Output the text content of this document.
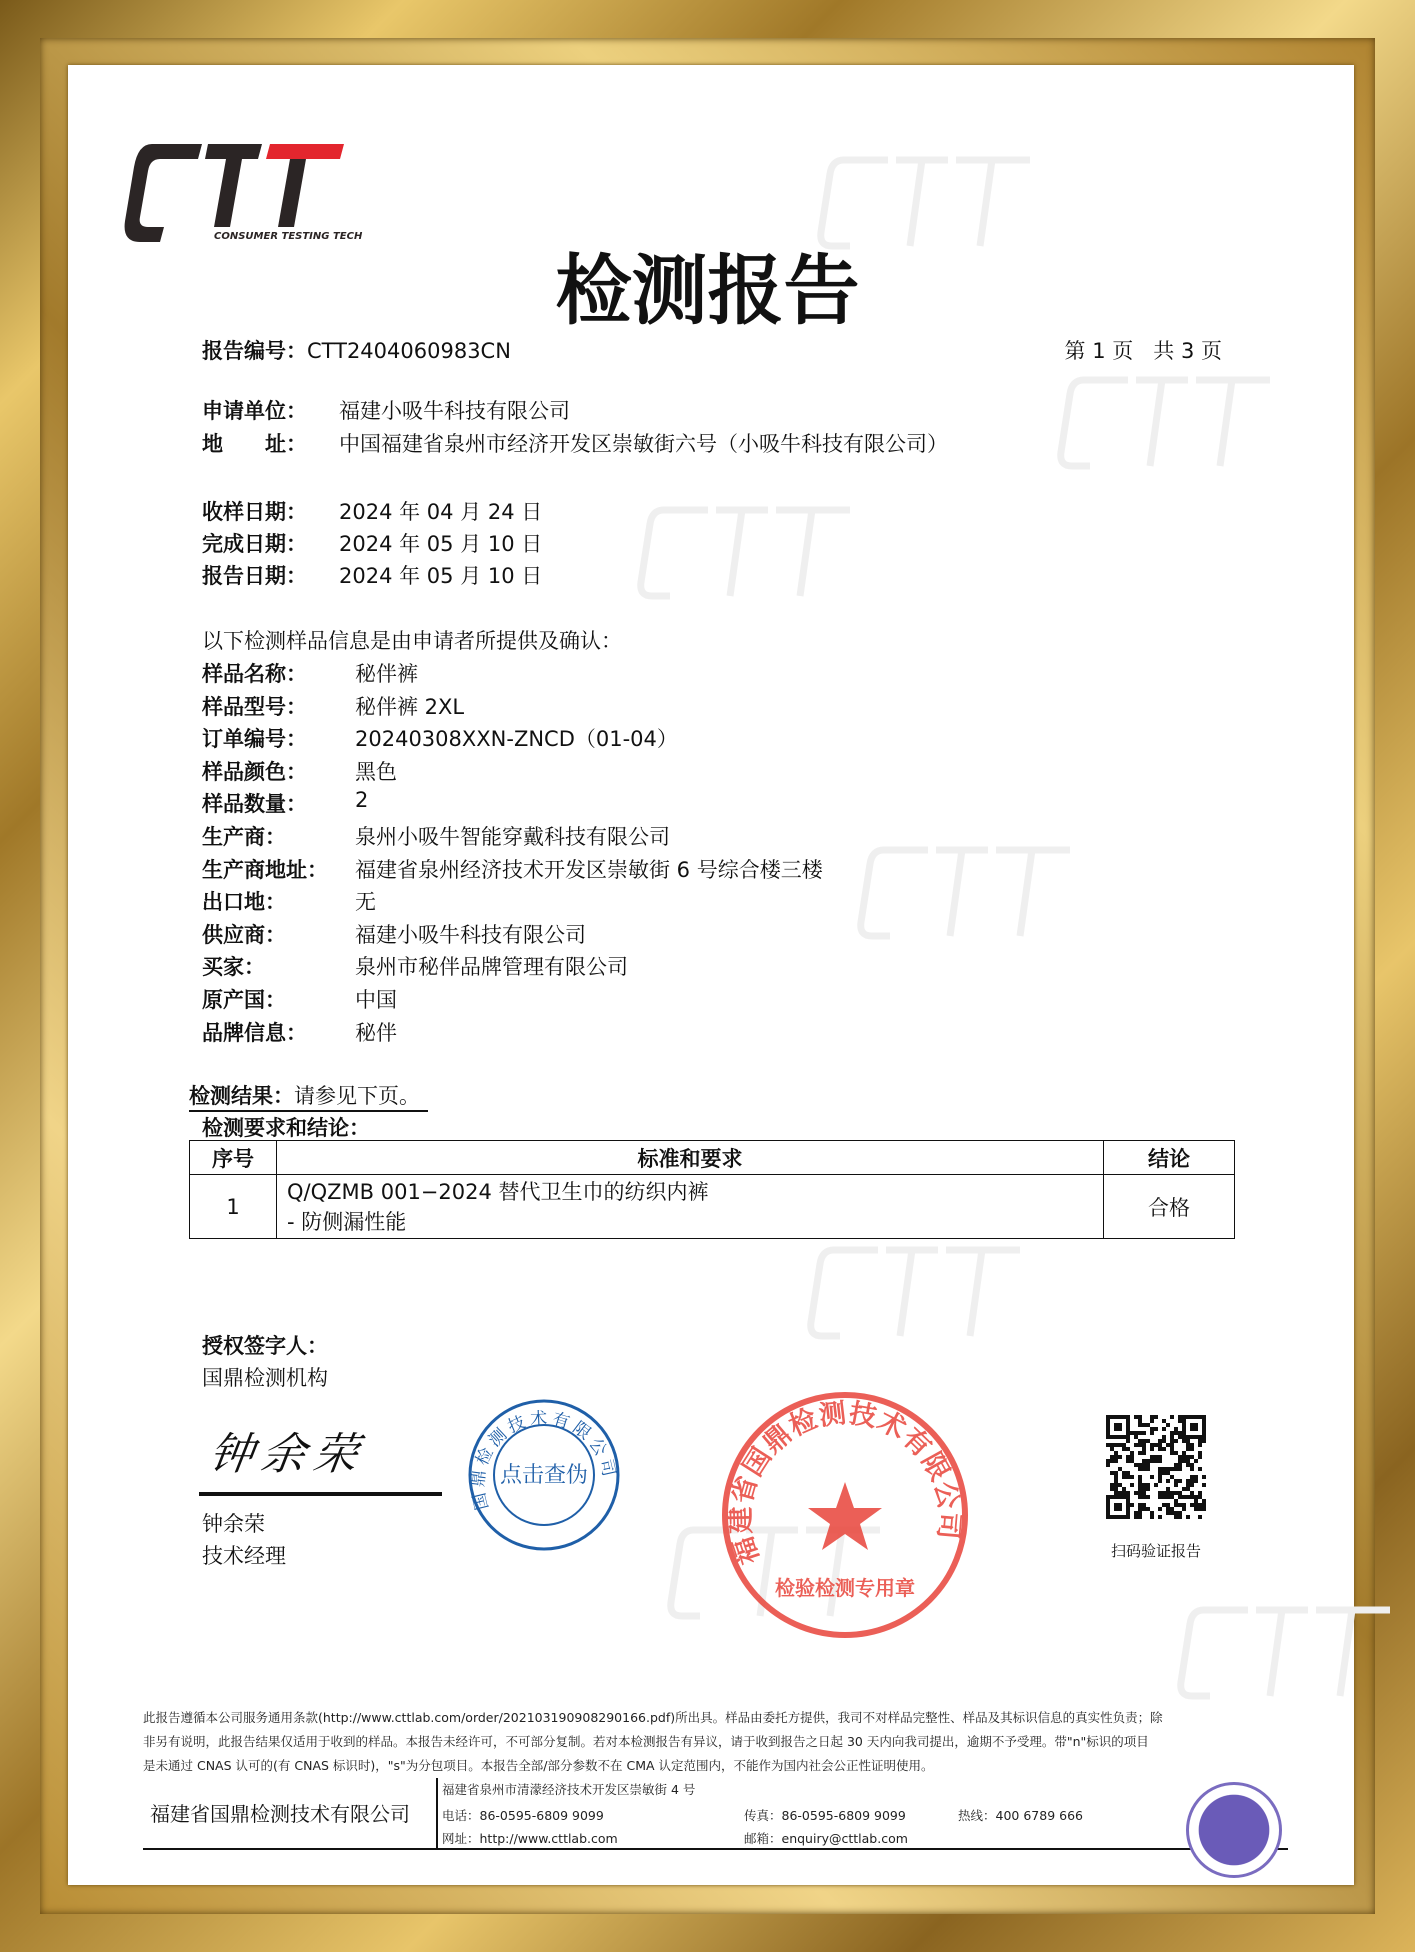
CONSUMER TESTING TECH
检测报告
报告编号：CTT2404060983CN	第 1 页   共 3 页
申请单位： 福建小吸牛科技有限公司
地　　址： 中国福建省泉州市经济开发区崇敏街六号（小吸牛科技有限公司）
收样日期： 2024 年 04 月 24 日
完成日期： 2024 年 05 月 10 日
报告日期： 2024 年 05 月 10 日
以下检测样品信息是由申请者所提供及确认：
样品名称： 秘伴裤
样品型号： 秘伴裤 2XL
订单编号： 20240308XXN-ZNCD（01-04）
样品颜色： 黑色
样品数量： 2
生产商：	泉州小吸牛智能穿戴科技有限公司
生产商地址： 福建省泉州经济技术开发区崇敏街 6 号综合楼三楼
出口地：	无
供应商：	福建小吸牛科技有限公司
买家：	泉州市秘伴品牌管理有限公司
原产国：	中国
品牌信息： 秘伴
检测结果：请参见下页。
检测要求和结论：
序号	标准和要求	结论
1	Q/QZMB 001−2024 替代卫生巾的纺织内裤
- 防侧漏性能	合格
授权签字人：
国鼎检测机构
钟余荣
钟余荣
技术经理
国鼎检测技术有限公司
点击查伪
扫码验证报告
福建省国鼎检测技术有限公司
检验检测专用章
此报告遵循本公司服务通用条款(http://www.cttlab.com/order/20210319090829016​6.pdf)所出具。样品由委托方提供，我司不对样品完整性、样品及其标识信息的真实性负责；除
非另有说明，此报告结果仅适用于收到的样品。本报告未经许可，不可部分复制。若对本检测报告有异议，请于收到报告之日起 30 天内向我司提出，逾期不予受理。带"n"标识的项目
是未通过 CNAS 认可的(有 CNAS 标识时)，"s"为分包项目。本报告全部/部分参数不在 CMA 认定范围内，不能作为国内社会公正性证明使用。
福建省国鼎检测技术有限公司
福建省泉州市清濛经济技术开发区崇敏街 4 号
电话：86-0595-6809 9099	传真：86-0595-6809 9099	热线：400 6789 666
网址：http://www.cttlab.com	邮箱：enquiry@cttlab.com
